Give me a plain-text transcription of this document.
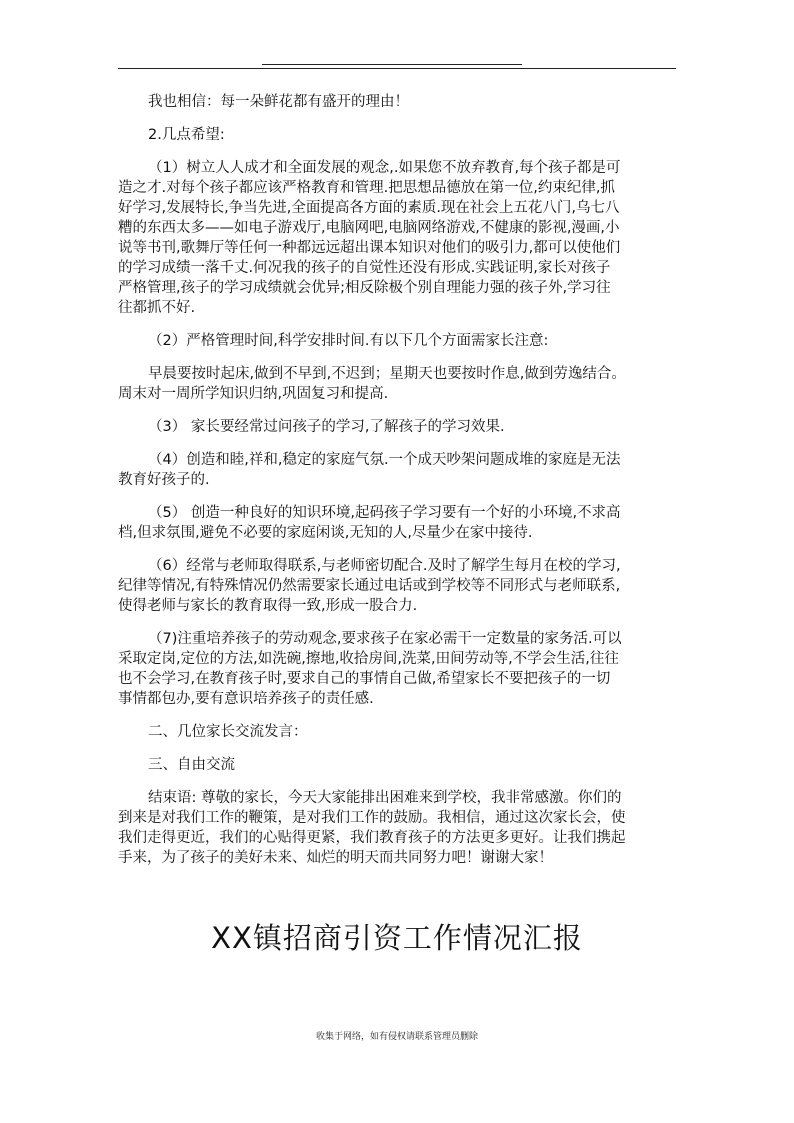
我也相信：每一朵鲜花都有盛开的理由！

2.几点希望:

（1）树立人人成才和全面发展的观念,.如果您不放弃教育,每个孩子都是可
造之才.对每个孩子都应该严格教育和管理.把思想品德放在第一位,约束纪律,抓
好学习,发展特长,争当先进,全面提高各方面的素质.现在社会上五花八门,乌七八
糟的东西太多——如电子游戏厅,电脑网吧,电脑网络游戏,不健康的影视,漫画,小
说等书刊,歌舞厅等任何一种都远远超出课本知识对他们的吸引力,都可以使他们
的学习成绩一落千丈.何况我的孩子的自觉性还没有形成.实践证明,家长对孩子
严格管理,孩子的学习成绩就会优异;相反除极个别自理能力强的孩子外,学习往
往都抓不好.

（2）严格管理时间,科学安排时间.有以下几个方面需家长注意:

早晨要按时起床,做到不早到,不迟到；星期天也要按时作息,做到劳逸结合。
周末对一周所学知识归纳,巩固复习和提高.

（3） 家长要经常过问孩子的学习,了解孩子的学习效果.

（4）创造和睦,祥和,稳定的家庭气氛.一个成天吵架问题成堆的家庭是无法
教育好孩子的.

（5） 创造一种良好的知识环境,起码孩子学习要有一个好的小环境,不求高
档,但求氛围,避免不必要的家庭闲谈,无知的人,尽量少在家中接待.

（6）经常与老师取得联系,与老师密切配合.及时了解学生每月在校的学习,
纪律等情况,有特殊情况仍然需要家长通过电话或到学校等不同形式与老师联系,
使得老师与家长的教育取得一致,形成一股合力.

（7)注重培养孩子的劳动观念,要求孩子在家必需干一定数量的家务活.可以
采取定岗,定位的方法,如洗碗,擦地,收拾房间,洗菜,田间劳动等,不学会生活,往往
也不会学习,在教育孩子时,要求自己的事情自己做,希望家长不要把孩子的一切
事情都包办,要有意识培养孩子的责任感.

二、几位家长交流发言：

三、自由交流

结束语: 尊敬的家长，今天大家能排出困难来到学校，我非常感激。你们的
到来是对我们工作的鞭策，是对我们工作的鼓励。我相信，通过这次家长会，使
我们走得更近，我们的心贴得更紧，我们教育孩子的方法更多更好。让我们携起
手来，为了孩子的美好未来、灿烂的明天而共同努力吧！谢谢大家！

XX镇招商引资工作情况汇报
收集于网络，如有侵权请联系管理员删除
